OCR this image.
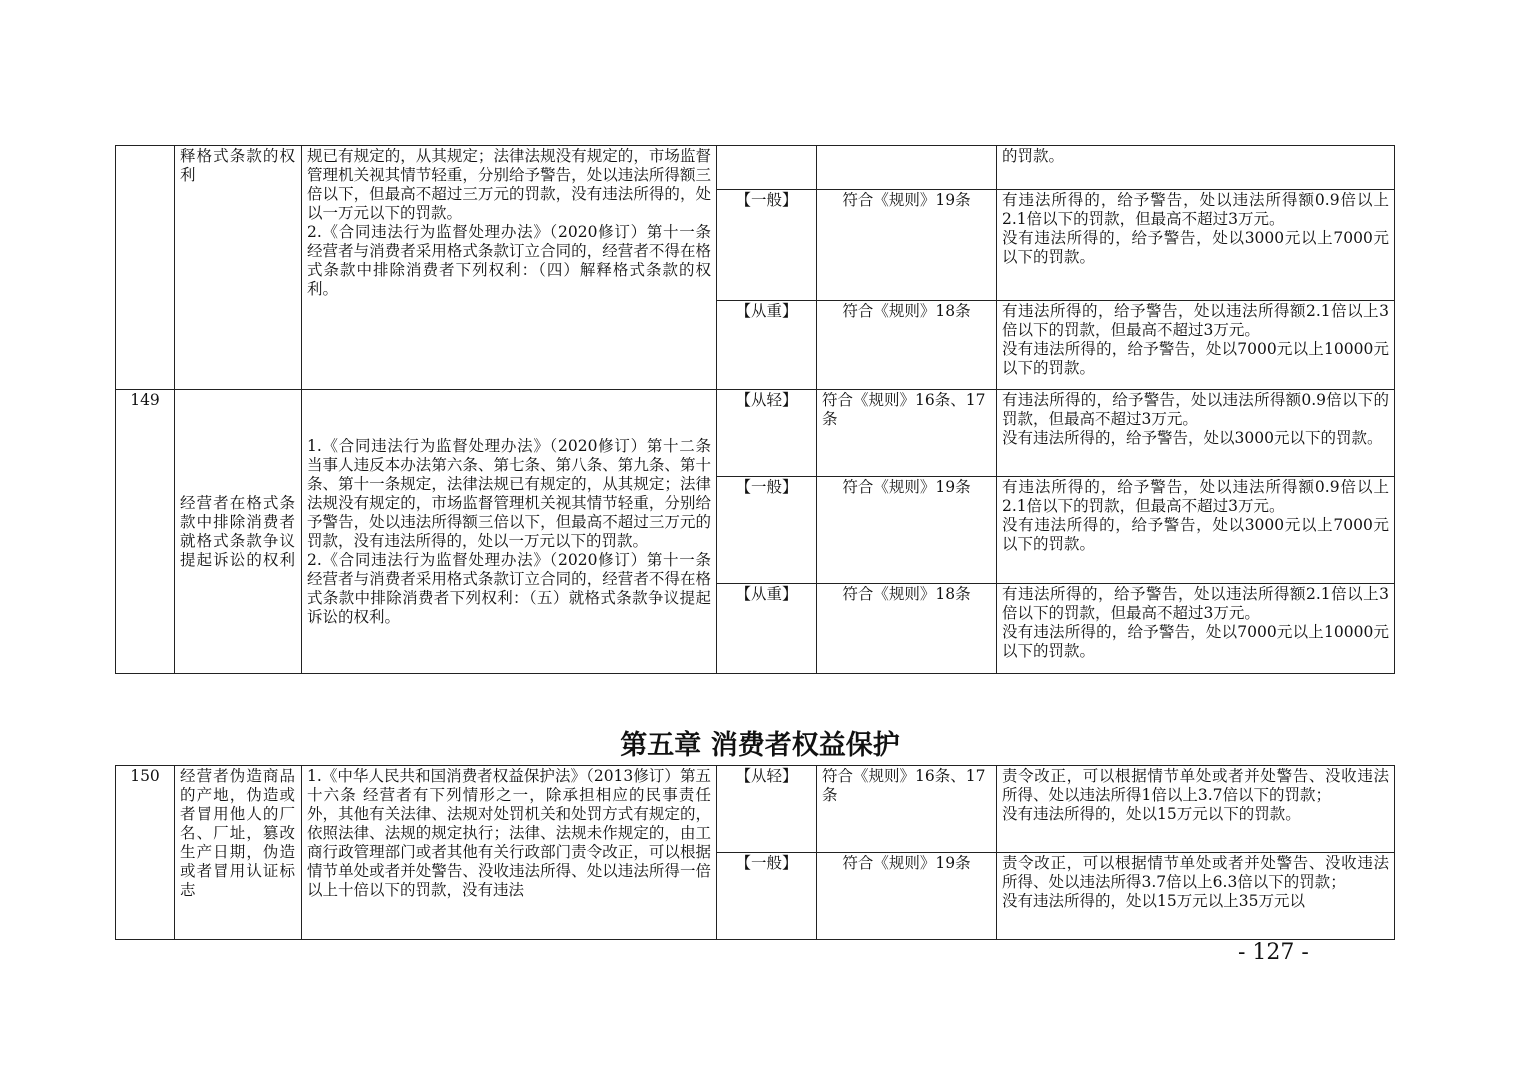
	释格式条款的权利	规已有规定的，从其规定；法律法规没有规定的，市场监督管理机关视其情节轻重，分别给予警告，处以违法所得额三倍以下，但最高不超过三万元的罚款，没有违法所得的，处以一万元以下的罚款。
2.《合同违法行为监督处理办法》（2020修订）第十一条 经营者与消费者采用格式条款订立合同的，经营者不得在格式条款中排除消费者下列权利：（四）解释格式条款的权利。			的罚款。
			【一般】	符合《规则》19条	有违法所得的，给予警告，处以违法所得额0.9倍以上2.1倍以下的罚款，但最高不超过3万元。
没有违法所得的，给予警告，处以3000元以上7000元以下的罚款。
			【从重】	符合《规则》18条	有违法所得的，给予警告，处以违法所得额2.1倍以上3倍以下的罚款，但最高不超过3万元。
没有违法所得的，给予警告，处以7000元以上10000元以下的罚款。
149	经营者在格式条款中排除消费者就格式条款争议提起诉讼的权利	1.《合同违法行为监督处理办法》（2020修订）第十二条 当事人违反本办法第六条、第七条、第八条、第九条、第十条、第十一条规定，法律法规已有规定的，从其规定；法律法规没有规定的，市场监督管理机关视其情节轻重，分别给予警告，处以违法所得额三倍以下，但最高不超过三万元的罚款，没有违法所得的，处以一万元以下的罚款。
2.《合同违法行为监督处理办法》（2020修订）第十一条 经营者与消费者采用格式条款订立合同的，经营者不得在格式条款中排除消费者下列权利：（五）就格式条款争议提起诉讼的权利。	【从轻】	符合《规则》16条、17条	有违法所得的，给予警告，处以违法所得额0.9倍以下的罚款，但最高不超过3万元。
没有违法所得的，给予警告，处以3000元以下的罚款。
			【一般】	符合《规则》19条	有违法所得的，给予警告，处以违法所得额0.9倍以上2.1倍以下的罚款，但最高不超过3万元。
没有违法所得的，给予警告，处以3000元以上7000元以下的罚款。
			【从重】	符合《规则》18条	有违法所得的，给予警告，处以违法所得额2.1倍以上3倍以下的罚款，但最高不超过3万元。
没有违法所得的，给予警告，处以7000元以上10000元以下的罚款。
第五章 消费者权益保护
150	经营者伪造商品的产地，伪造或者冒用他人的厂名、厂址，篡改生产日期，伪造或者冒用认证标志	1.《中华人民共和国消费者权益保护法》（2013修订）第五十六条 经营者有下列情形之一，除承担相应的民事责任外，其他有关法律、法规对处罚机关和处罚方式有规定的，依照法律、法规的规定执行；法律、法规未作规定的，由工商行政管理部门或者其他有关行政部门责令改正，可以根据情节单处或者并处警告、没收违法所得、处以违法所得一倍以上十倍以下的罚款，没有违法	【从轻】	符合《规则》16条、17条	责令改正，可以根据情节单处或者并处警告、没收违法所得、处以违法所得1倍以上3.7倍以下的罚款；
没有违法所得的，处以15万元以下的罚款。
			【一般】	符合《规则》19条	责令改正，可以根据情节单处或者并处警告、没收违法所得、处以违法所得3.7倍以上6.3倍以下的罚款；
没有违法所得的，处以15万元以上35万元以
- 127 -
